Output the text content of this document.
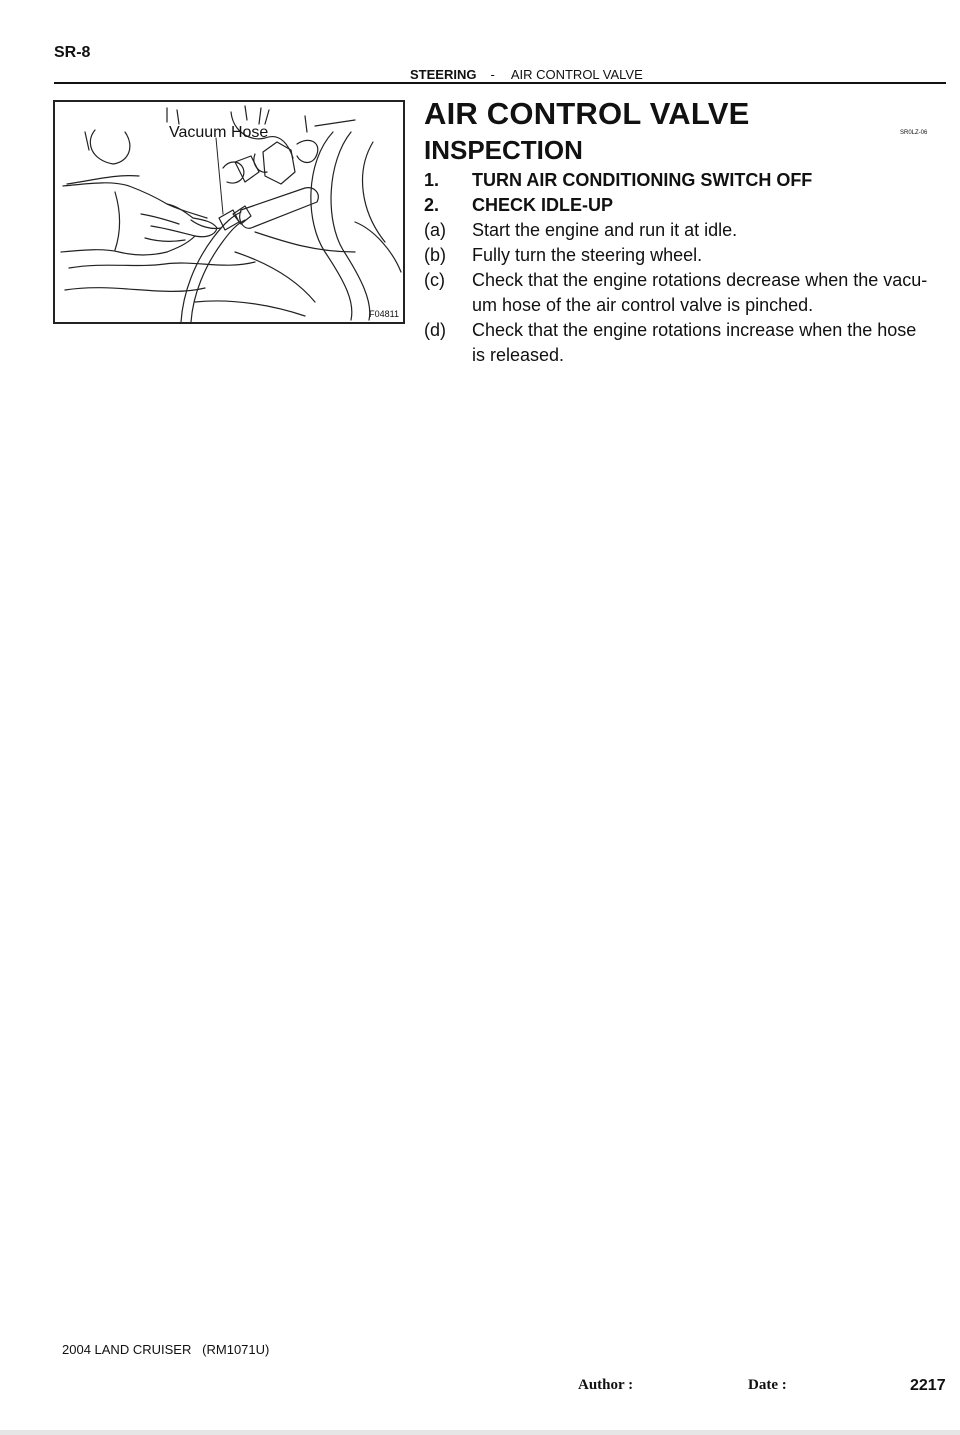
SR-8
STEERING - AIR CONTROL VALVE
Vacuum Hose
F04811
AIR CONTROL VALVE
SR0LZ-06
INSPECTION
1. TURN AIR CONDITIONING SWITCH OFF
2. CHECK IDLE-UP
(a) Start the engine and run it at idle.
(b) Fully turn the steering wheel.
(c) Check that the engine rotations decrease when the vacu-
um hose of the air control valve is pinched.
(d) Check that the engine rotations increase when the hose
is released.
2004 LAND CRUISER   (RM1071U)
Author :	Date :	2217
